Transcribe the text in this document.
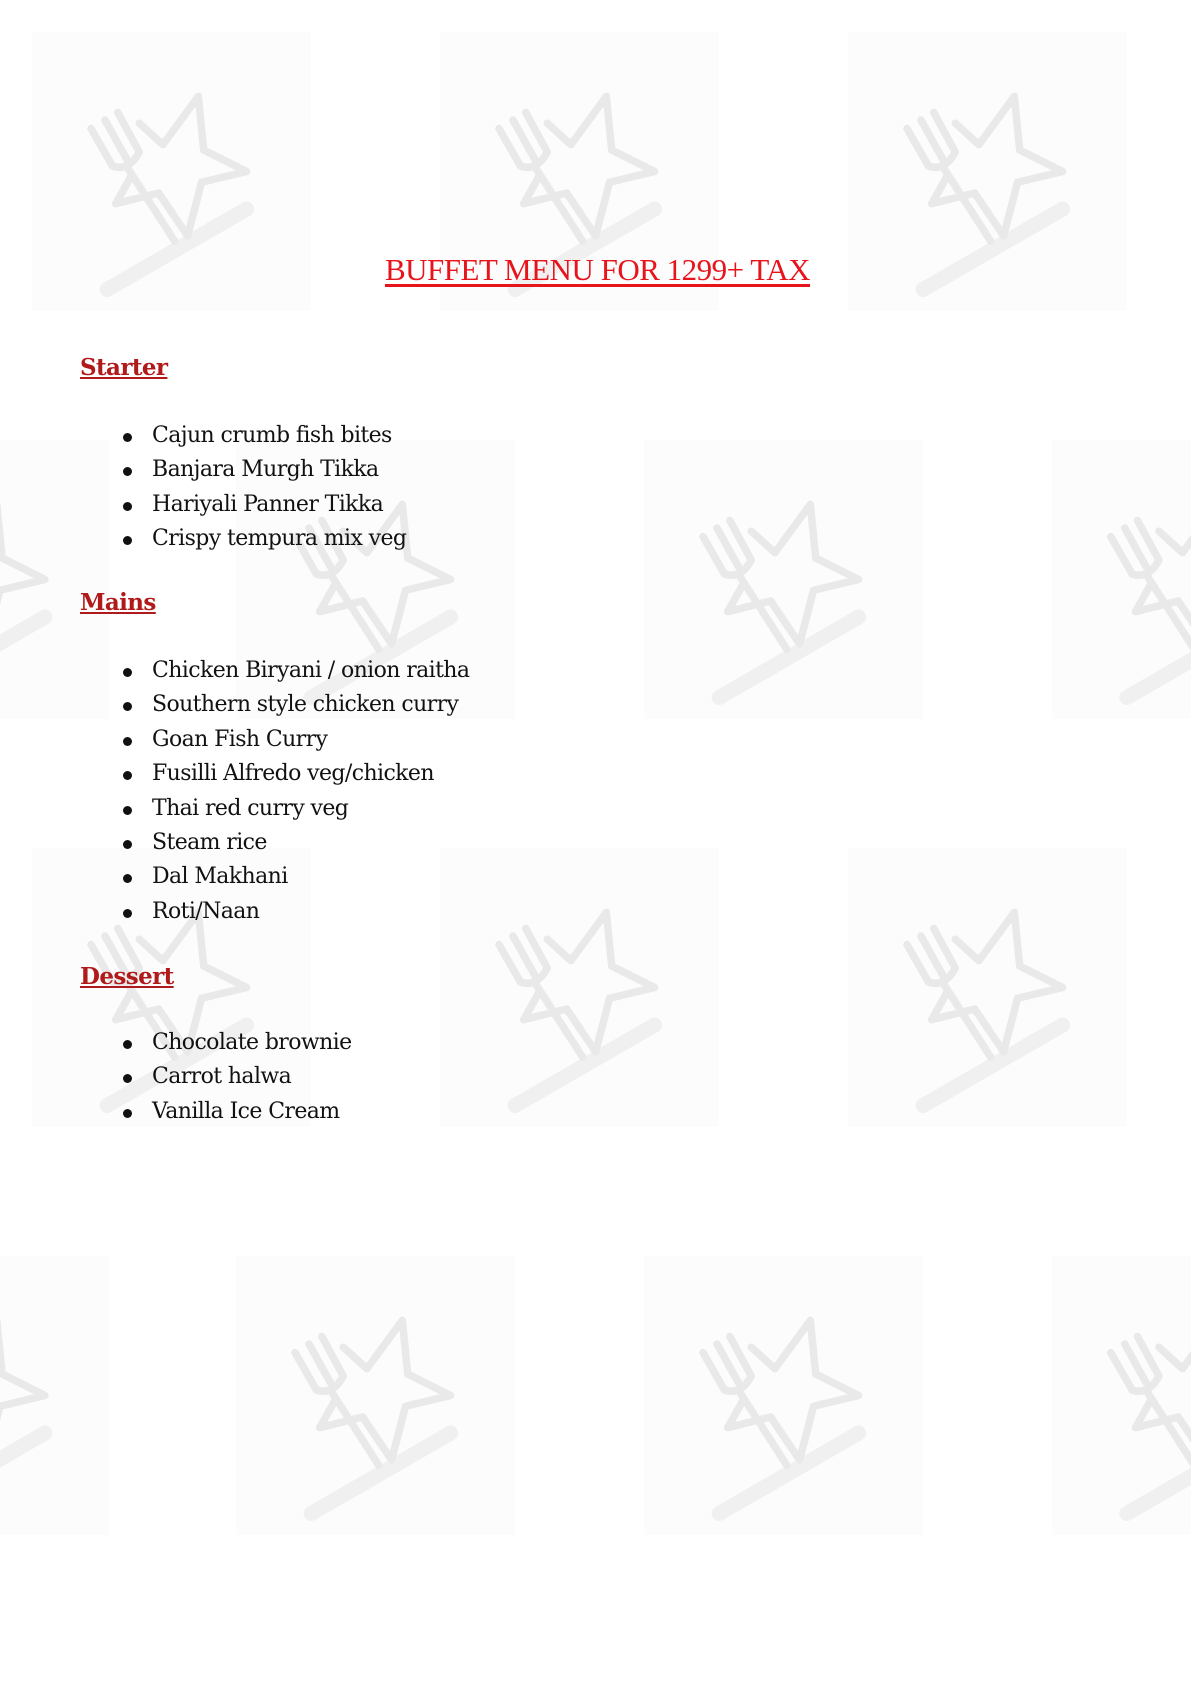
BUFFET MENU FOR 1299+ TAX
Starter
Cajun crumb fish bites
Banjara Murgh Tikka
Hariyali Panner Tikka
Crispy tempura mix veg
Mains
Chicken Biryani / onion raitha
Southern style chicken curry
Goan Fish Curry
Fusilli Alfredo veg/chicken
Thai red curry veg
Steam rice
Dal Makhani
Roti/Naan
Dessert
Chocolate brownie
Carrot halwa
Vanilla Ice Cream
